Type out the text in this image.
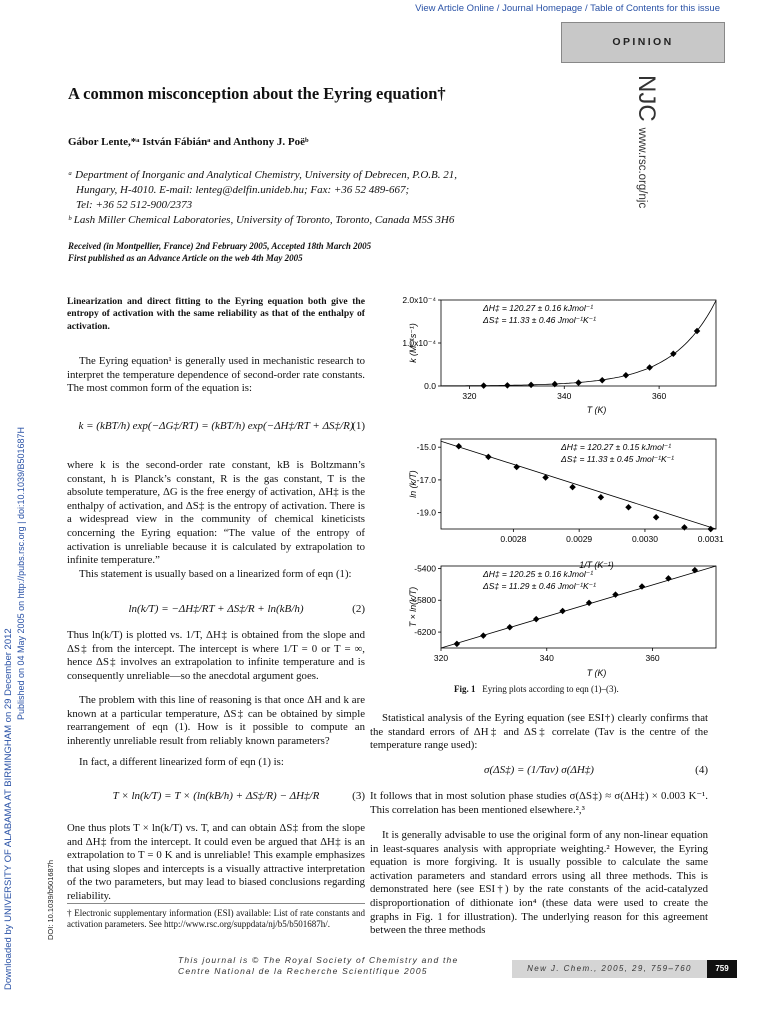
View Article Online / Journal Homepage / Table of Contents for this issue
OPINION
NJCwww.rsc.org/njc
A common misconception about the Eyring equation†
Gábor Lente,*ᵃ István Fábiánᵃ and Anthony J. Poëᵇ
ᵃ Department of Inorganic and Analytical Chemistry, University of Debrecen, P.O.B. 21,
Hungary, H-4010. E-mail: lenteg@delfin.unideb.hu; Fax: +36 52 489-667;
Tel: +36 52 512-900/2373
ᵇ Lash Miller Chemical Laboratories, University of Toronto, Toronto, Canada M5S 3H6
Received (in Montpellier, France) 2nd February 2005, Accepted 18th March 2005
First published as an Advance Article on the web 4th May 2005
Downloaded by UNIVERSITY OF ALABAMA AT BIRMINGHAM on 29 December 2012
Published on 04 May 2005 on http://pubs.rsc.org | doi:10.1039/B501687H
DOI: 10.1039/b501687h
Linearization and direct fitting to the Eyring equation both give the entropy of activation with the same reliability as that of the enthalpy of activation.
The Eyring equation¹ is generally used in mechanistic research to interpret the temperature dependence of second-order rate constants. The most common form of the equation is:
k = (kBT/h) exp(−ΔG‡/RT) = (kBT/h) exp(−ΔH‡/RT + ΔS‡/R)
(1)
where k is the second-order rate constant, kB is Boltzmann’s constant, h is Planck’s constant, R is the gas constant, T is the absolute temperature, ΔG is the free energy of activation, ΔH‡ is the enthalpy of activation, and ΔS‡ is the entropy of activation. There is a widespread view in the community of chemical kineticists concerning the Eyring equation: “The value of the entropy of activation is unreliable because it is calculated by extrapolation to infinite temperature.”
This statement is usually based on a linearized form of eqn (1):
ln(k/T) = −ΔH‡/RT + ΔS‡/R + ln(kB/h)	(2)
Thus ln(k/T) is plotted vs. 1/T, ΔH‡ is obtained from the slope and ΔS‡ from the intercept. The intercept is where 1/T = 0 or T = ∞, hence ΔS‡ involves an extrapolation to infinite temperature and is consequently unreliable—so the anecdotal argument goes.
The problem with this line of reasoning is that once ΔH and k are known at a particular temperature, ΔS‡ can be obtained by simple rearrangement of eqn (1). How is it possible to compute an inherently unreliable result from reliably known parameters?
In fact, a different linearized form of eqn (1) is:
T × ln(k/T) = T × (ln(kB/h) + ΔS‡/R) − ΔH‡/R	(3)
One thus plots T × ln(k/T) vs. T, and can obtain ΔS‡ from the slope and ΔH‡ from the intercept. It could even be argued that ΔH‡ is an extrapolation to T = 0 K and is unreliable! This example emphasizes that using slopes and intercepts is a visually attractive interpretation of the two parameters, but may lead to biased conclusions regarding reliability.
† Electronic supplementary information (ESI) available: List of rate constants and activation parameters. See http://www.rsc.org/suppdata/nj/b5/b501687h/.
0.0
1.0x10⁻⁴
2.0x10⁻⁴
320	340	360
T (K)
k (M⁻¹s⁻¹)
ΔH‡ = 120.27 ± 0.16 kJmol⁻¹
ΔS‡ = 11.33 ± 0.46 Jmol⁻¹K⁻¹
-15.0
-17.0
-19.0
0.0028	0.0029	0.0030	0.0031
1/T (K⁻¹)
ln (k/T)
ΔH‡ = 120.27 ± 0.15 kJmol⁻¹
ΔS‡ = 11.33 ± 0.45 Jmol⁻¹K⁻¹
-5400
-5800
-6200
320	340	360
T (K)
T × ln(k/T)
ΔH‡ = 120.25 ± 0.16 kJmol⁻¹
ΔS‡ = 11.29 ± 0.46 Jmol⁻¹K⁻¹
Fig. 1 Eyring plots according to eqn (1)–(3).
Statistical analysis of the Eyring equation (see ESI†) clearly confirms that the standard errors of ΔH‡ and ΔS‡ correlate (Tav is the centre of the temperature range used):
σ(ΔS‡) = (1/Tav) σ(ΔH‡)	(4)
It follows that in most solution phase studies σ(ΔS‡) ≈ σ(ΔH‡) × 0.003 K⁻¹. This correlation has been mentioned elsewhere.²,³
It is generally advisable to use the original form of any non-linear equation in least-squares analysis with appropriate weighting.² However, the Eyring equation is more forgiving. It is usually possible to calculate the same activation parameters and standard errors using all three methods. This is demonstrated here (see ESI†) by the rate constants of the acid-catalyzed disproportionation of dithionate ion⁴ (these data were used to create the graphs in Fig. 1 for illustration). The underlying reason for this agreement between the three methods
This journal is © The Royal Society of Chemistry and the
Centre National de la Recherche Scientifique 2005	New J. Chem., 2005, 29, 759–760	759
